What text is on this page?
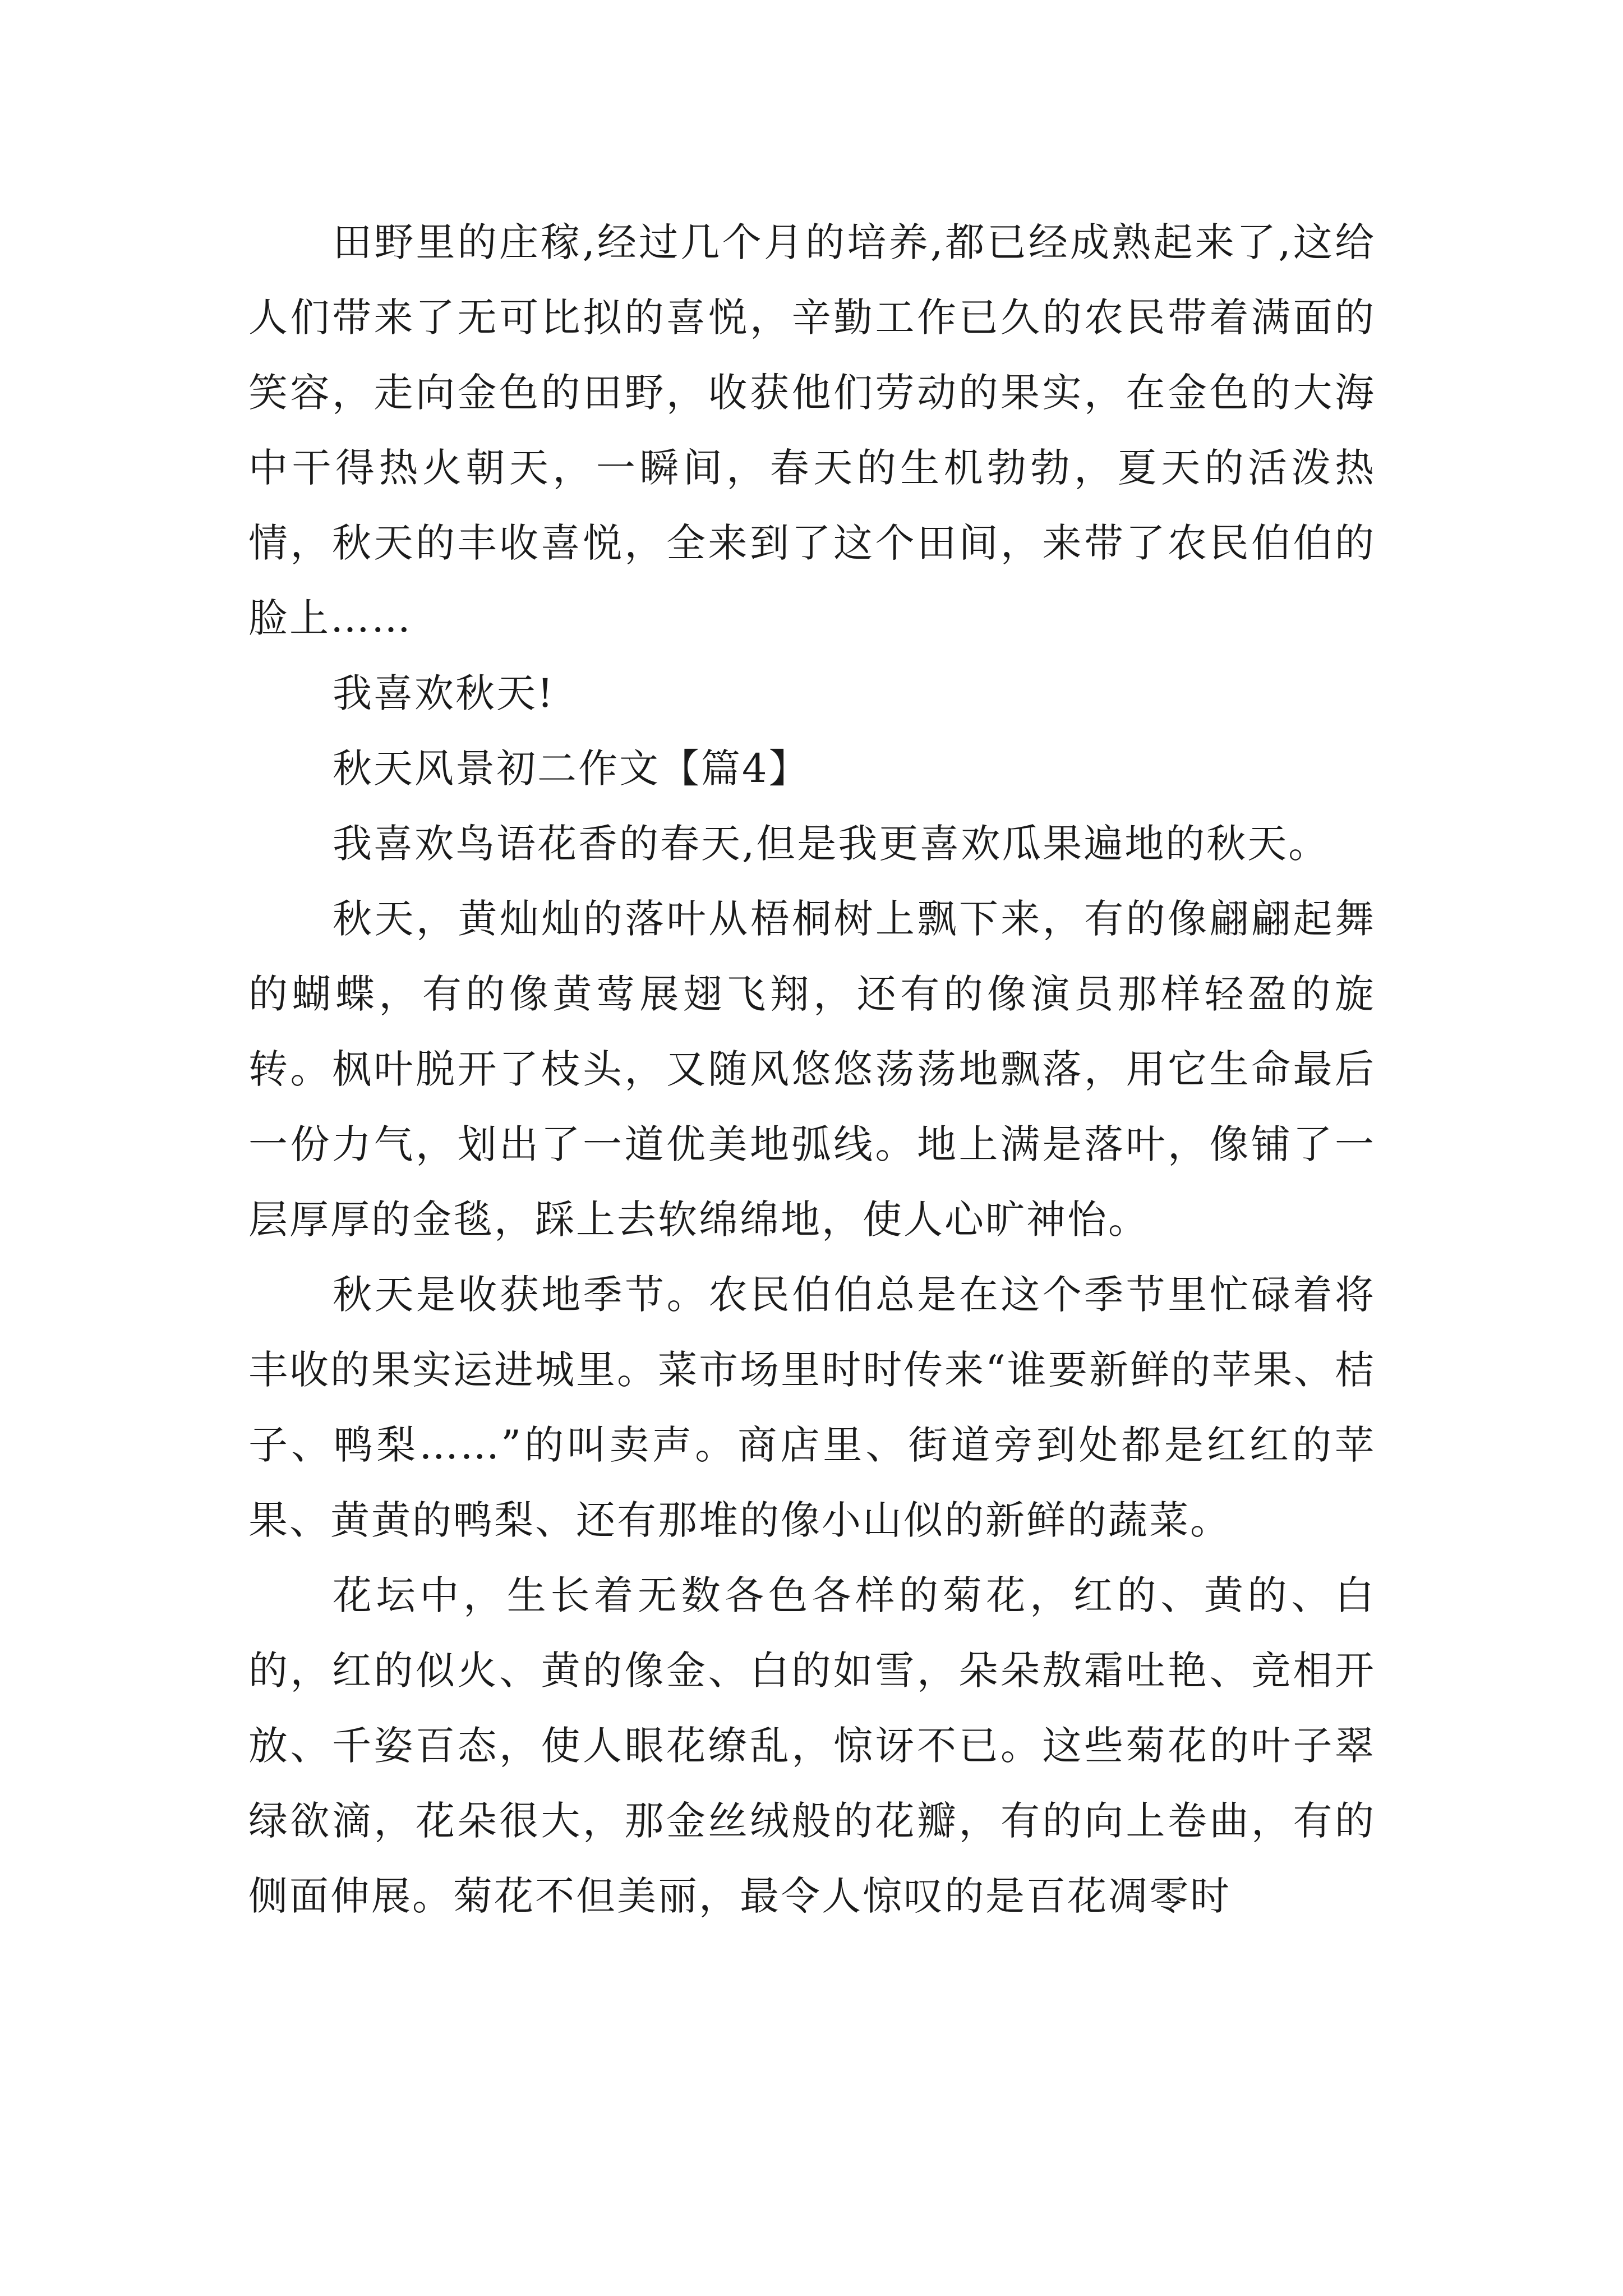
田野里的庄稼,经过几个月的培养,都已经成熟起来了,这给人们带来了无可比拟的喜悦，辛勤工作已久的农民带着满面的笑容，走向金色的田野，收获他们劳动的果实，在金色的大海中干得热火朝天，一瞬间，春天的生机勃勃，夏天的活泼热情，秋天的丰收喜悦，全来到了这个田间，来带了农民伯伯的脸上……

我喜欢秋天!

秋天风景初二作文【篇4】

我喜欢鸟语花香的春天,但是我更喜欢瓜果遍地的秋天。

秋天，黄灿灿的落叶从梧桐树上飘下来，有的像翩翩起舞的蝴蝶，有的像黄莺展翅飞翔，还有的像演员那样轻盈的旋转。枫叶脱开了枝头，又随风悠悠荡荡地飘落，用它生命最后一份力气，划出了一道优美地弧线。地上满是落叶，像铺了一层厚厚的金毯，踩上去软绵绵地，使人心旷神怡。

秋天是收获地季节。农民伯伯总是在这个季节里忙碌着将丰收的果实运进城里。菜市场里时时传来“谁要新鲜的苹果、桔子、鸭梨……”的叫卖声。商店里、街道旁到处都是红红的苹果、黄黄的鸭梨、还有那堆的像小山似的新鲜的蔬菜。

花坛中，生长着无数各色各样的菊花，红的、黄的、白的，红的似火、黄的像金、白的如雪，朵朵敖霜吐艳、竞相开放、千姿百态，使人眼花缭乱，惊讶不已。这些菊花的叶子翠绿欲滴，花朵很大，那金丝绒般的花瓣，有的向上卷曲，有的侧面伸展。菊花不但美丽，最令人惊叹的是百花凋零时
